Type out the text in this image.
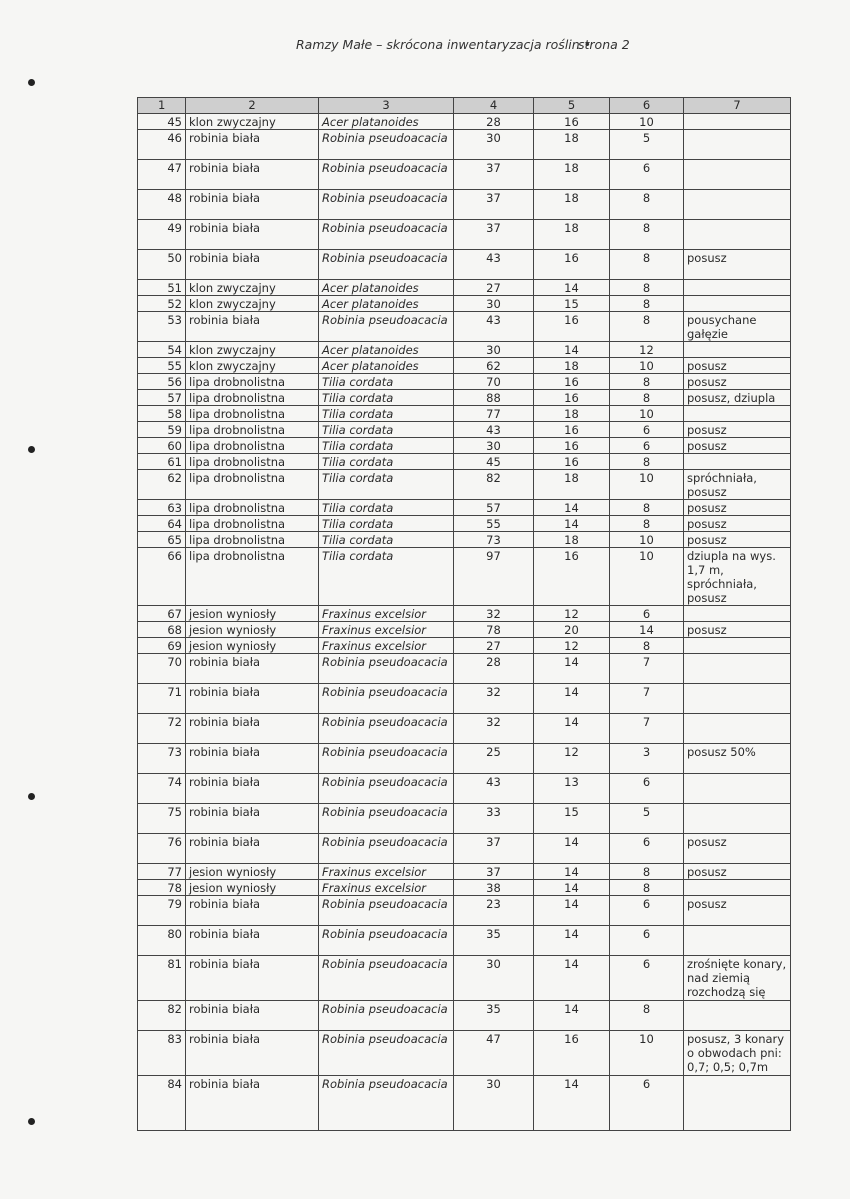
Ramzy Małe – skrócona inwentaryzacja roślin •
strona 2
1	2	3	4	5	6	7
45	klon zwyczajny	Acer platanoides	28	16	10	
46	robinia biała	Robinia pseudoacacia	30	18	5	
47	robinia biała	Robinia pseudoacacia	37	18	6	
48	robinia biała	Robinia pseudoacacia	37	18	8	
49	robinia biała	Robinia pseudoacacia	37	18	8	
50	robinia biała	Robinia pseudoacacia	43	16	8	posusz
51	klon zwyczajny	Acer platanoides	27	14	8	
52	klon zwyczajny	Acer platanoides	30	15	8	
53	robinia biała	Robinia pseudoacacia	43	16	8	pousychane gałęzie
54	klon zwyczajny	Acer platanoides	30	14	12	
55	klon zwyczajny	Acer platanoides	62	18	10	posusz
56	lipa drobnolistna	Tilia cordata	70	16	8	posusz
57	lipa drobnolistna	Tilia cordata	88	16	8	posusz, dziupla
58	lipa drobnolistna	Tilia cordata	77	18	10	
59	lipa drobnolistna	Tilia cordata	43	16	6	posusz
60	lipa drobnolistna	Tilia cordata	30	16	6	posusz
61	lipa drobnolistna	Tilia cordata	45	16	8	
62	lipa drobnolistna	Tilia cordata	82	18	10	spróchniała, posusz
63	lipa drobnolistna	Tilia cordata	57	14	8	posusz
64	lipa drobnolistna	Tilia cordata	55	14	8	posusz
65	lipa drobnolistna	Tilia cordata	73	18	10	posusz
66	lipa drobnolistna	Tilia cordata	97	16	10	dziupla na wys. 1,7 m, spróchniała, posusz
67	jesion wyniosły	Fraxinus excelsior	32	12	6	
68	jesion wyniosły	Fraxinus excelsior	78	20	14	posusz
69	jesion wyniosły	Fraxinus excelsior	27	12	8	
70	robinia biała	Robinia pseudoacacia	28	14	7	
71	robinia biała	Robinia pseudoacacia	32	14	7	
72	robinia biała	Robinia pseudoacacia	32	14	7	
73	robinia biała	Robinia pseudoacacia	25	12	3	posusz 50%
74	robinia biała	Robinia pseudoacacia	43	13	6	
75	robinia biała	Robinia pseudoacacia	33	15	5	
76	robinia biała	Robinia pseudoacacia	37	14	6	posusz
77	jesion wyniosły	Fraxinus excelsior	37	14	8	posusz
78	jesion wyniosły	Fraxinus excelsior	38	14	8	
79	robinia biała	Robinia pseudoacacia	23	14	6	posusz
80	robinia biała	Robinia pseudoacacia	35	14	6	
81	robinia biała	Robinia pseudoacacia	30	14	6	zrośnięte konary, nad ziemią rozchodzą się
82	robinia biała	Robinia pseudoacacia	35	14	8	
83	robinia biała	Robinia pseudoacacia	47	16	10	posusz, 3 konary o obwodach pni: 0,7; 0,5; 0,7m
84	robinia biała	Robinia pseudoacacia	30	14	6	
